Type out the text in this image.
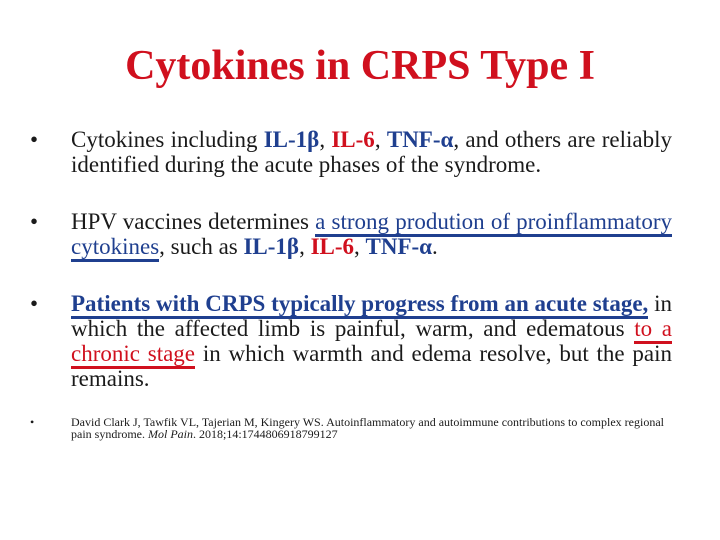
Cytokines in CRPS Type I
•	Cytokines including IL-1β, IL-6, TNF-α, and others are reliably identified during the acute phases of the syndrome.
•	HPV vaccines determines a strong prodution of proinflammatory cytokines, such as IL-1β, IL-6, TNF-α.
•	Patients with CRPS typically progress from an acute stage, in which the affected limb is painful, warm, and edematous to a chronic stage in which warmth and edema resolve, but the pain remains.
•	David Clark J, Tawfik VL, Tajerian M, Kingery WS. Autoinflammatory and autoimmune contributions to complex regional pain syndrome. Mol Pain. 2018;14:1744806918799127
